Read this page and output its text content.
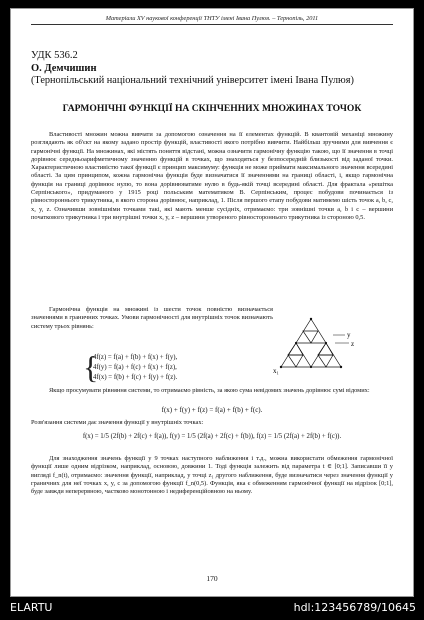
Матеріали XV наукової конференції ТНТУ імені Івана Пулюя. – Тернопіль, 2011
УДК 536.2
О. Демчишин
(Тернопільський національний технічний університет імені Івана Пулюя)
ГАРМОНІЧНІ ФУНКЦІЇ НА СКІНЧЕННИХ МНОЖИНАХ ТОЧОК
Властивості множин можна вивчати за допомогою означення на її елементах функцій. В квантовій механіці множину розглядають як об'єкт на якому задано простір функцій, властивості якого потрібно вивчити. Найбільш зручними для вивчення є гармонічні функції. На множинах, які містять поняття відстані, можна означити гармонічну функцію такою, що її значення в точці дорівнює середньоарифметичному значенню функцій в точках, що знаходяться у безпосередній близькості від заданої точки. Характеристичною властивістю такої функції є принцип максимуму: функція не може приймати максимального значення всередині області. За цим принципом, кожна гармонічна функція буде визначатися її значеннями на границі області, і, якщо гармонічна функція на границі дорівнює нулю, то вона дорівнюватиме нулю в будь-якій точці всередині області. Для фрактала «решітка Серпінського», придуманого у 1915 році польським математиком В. Серпінським, процес побудови починається із рівностороннього трикутника, в якого сторона дорівнює, наприклад, 1. Після першого етапу побудови матимемо шість точок a, b, c, x, y, z. Означивши зовнішніми точками такі, які мають менше сусідніх, отримаємо: три зовнішні точки a, b і c – вершини початкового трикутника і три внутрішні точки x, y, z – вершини утвореного рівностороннього трикутника із стороною 0,5.
Гармонічна функція на множині із шести точок повністю визначається значеннями в граничних точках. Умови гармонічності для внутрішніх точок визначають систему трьох рівнянь:
{
4f(z) = f(a) + f(b) + f(x) + f(y),
4f(y) = f(a) + f(c) + f(x) + f(z),
4f(x) = f(b) + f(c) + f(y) + f(z).
y
z
x₁
Якщо просумувати рівняння системи, то отримаємо рівність, за якою сума невідомих значень дорівнює сумі відомих:
f(x) + f(y) + f(z) = f(a) + f(b) + f(c).
Розв'язання системи дає значення функції у внутрішніх точках:
f(x) = 1/5 (2f(b) + 2f(c) + f(a)), f(y) = 1/5 (2f(a) + 2f(c) + f(b)), f(z) = 1/5 (2f(a) + 2f(b) + f(c)).
Для знаходження значень функції у 9 точках наступного наближення і т.д., можна використати обмеження гармонічної функції лише одним відрізком, наприклад, основою, довжини 1. Тоді функція залежить від параметра t ∈ [0;1]. Записавши її у вигляді f_n(t), отримаємо: значення функції, наприклад, у точці z₁ другого наближення, буде визначатися через значення функції у граничних для неї точках x, y, c за допомогою функції f_n(0,5). Функція, яка є обмеженням гармонічної функції на відрізок [0;1], буде завжди неперервною, частково монотонною і недиференційовною на ньому.
170
ELARTU	hdl:123456789/10645
